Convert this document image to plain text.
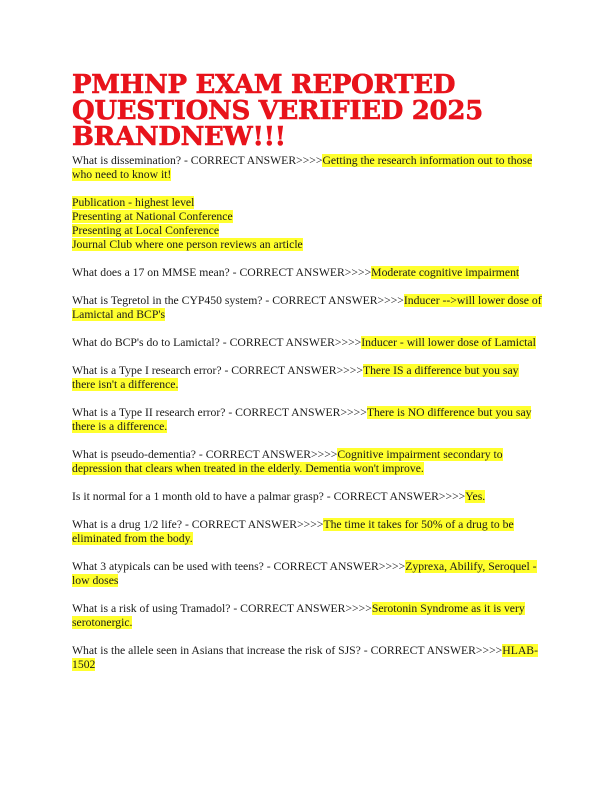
PMHNP EXAM REPORTED
QUESTIONS VERIFIED 2025
BRANDNEW!!!

What is dissemination? - CORRECT ANSWER>>>>Getting the research information out to those who need to know it!

Publication - highest level
Presenting at National Conference
Presenting at Local Conference
Journal Club where one person reviews an article

What does a 17 on MMSE mean? - CORRECT ANSWER>>>>Moderate cognitive impairment

What is Tegretol in the CYP450 system? - CORRECT ANSWER>>>>Inducer -->will lower dose of Lamictal and BCP's

What do BCP's do to Lamictal? - CORRECT ANSWER>>>>Inducer - will lower dose of Lamictal

What is a Type I research error? - CORRECT ANSWER>>>>There IS a difference but you say there isn't a difference.

What is a Type II research error? - CORRECT ANSWER>>>>There is NO difference but you say there is a difference.

What is pseudo-dementia? - CORRECT ANSWER>>>>Cognitive impairment secondary to depression that clears when treated in the elderly. Dementia won't improve.

Is it normal for a 1 month old to have a palmar grasp? - CORRECT ANSWER>>>>Yes.

What is a drug 1/2 life? - CORRECT ANSWER>>>>The time it takes for 50% of a drug to be eliminated from the body.

What 3 atypicals can be used with teens? - CORRECT ANSWER>>>>Zyprexa, Abilify, Seroquel - low doses

What is a risk of using Tramadol? - CORRECT ANSWER>>>>Serotonin Syndrome as it is very serotonergic.

What is the allele seen in Asians that increase the risk of SJS? - CORRECT ANSWER>>>>HLAB-1502
